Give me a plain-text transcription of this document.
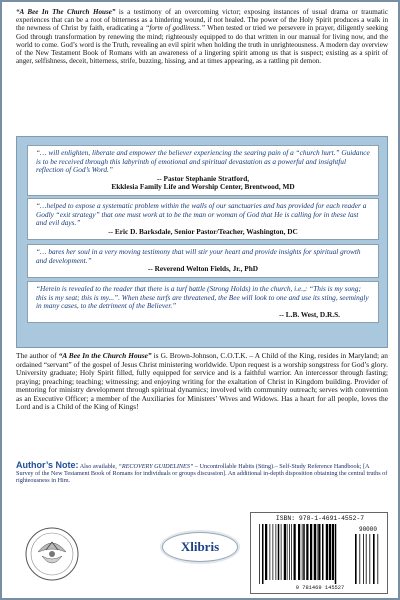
“A Bee In The Church House” is a testimony of an overcoming victor; exposing instances of usual drama or traumatic experiences that can be a root of bitterness as a hindering wound, if not healed. The power of the Holy Spirit produces a walk in the newness of Christ by faith, eradicating a “form of godliness.” When tested or tried we persevere in prayer, diligently seeking God through transformation by renewing the mind; righteously equipped to do that written in our manual for living now, and the world to come. God’s word is the Truth, revealing an evil spirit when holding the truth in unrighteousness. A modern day overview of the New Testament Book of Romans with an awareness of a lingering spirit among us that is suspect; existing as a spirit of anger, selfishness, deceit, bitterness, strife, buzzing, hissing, and at times appearing, as a rattling pit demon.

“… will enlighten, liberate and empower the believer experiencing the searing pain of a “church hurt.” Guidance is to be received through this labyrinth of emotional and spiritual devastation as a powerful and insightful reflection of God’s Word.”
-- Pastor Stephanie Stratford,
Ekklesia Family Life and Worship Center, Brentwood, MD
“…helped to expose a systematic problem within the walls of our sanctuaries and has provided for each reader a Godly “exit strategy” that one must work at to be the man or woman of God that He is calling for in these last and evil days.”
-- Eric D. Barksdale, Senior Pastor/Teacher, Washington, DC
“… bares her soul in a very moving testimony that will stir your heart and provide insights for spiritual growth and development.”
-- Reverend Welton Fields, Jr., PhD
“Herein is revealed to the reader that there is a turf battle (Strong Holds) in the church, i.e.,: “This is my song; this is my seat; this is my...”. When these turfs are threatened, the Bee will look to one and use its sting, seemingly in many cases, to the detriment of the Believer.”
-- L.B. West, D.R.S.

The author of “A Bee In the Church House” is G. Brown-Johnson, C.O.T.K. – A Child of the King, resides in Maryland; an ordained “servant” of the gospel of Jesus Christ ministering worldwide. Upon request is a worship songstress for God’s glory. University graduate; Holy Spirit filled, fully equipped for service and is a faithful warrior. An intercessor through fasting; praying; preaching; teaching; witnessing; and enjoying writing for the exaltation of Christ in Kingdom building. Provider of mentoring for ministry development through spiritual dynamics; involved with community outreach; serves with convention as an Executive Officer; a member of the Auxiliaries for Ministers’ Wives and Widows. Has a heart for all people, loves the Lord and is a Child of the King of Kings!

Author’s Note: Also available, “RECOVERY GUIDELINES” – Uncontrollable Habits (Sting).– Self-Study Reference Handbook; [A Survey of the New Testament Book of Romans for individuals or groups discussion]. An additional in-depth disposition obtaining the central truths of righteousness in Him.

Xlibris
ISBN: 978-1-4691-4552-7
90000
9 781469 145527
